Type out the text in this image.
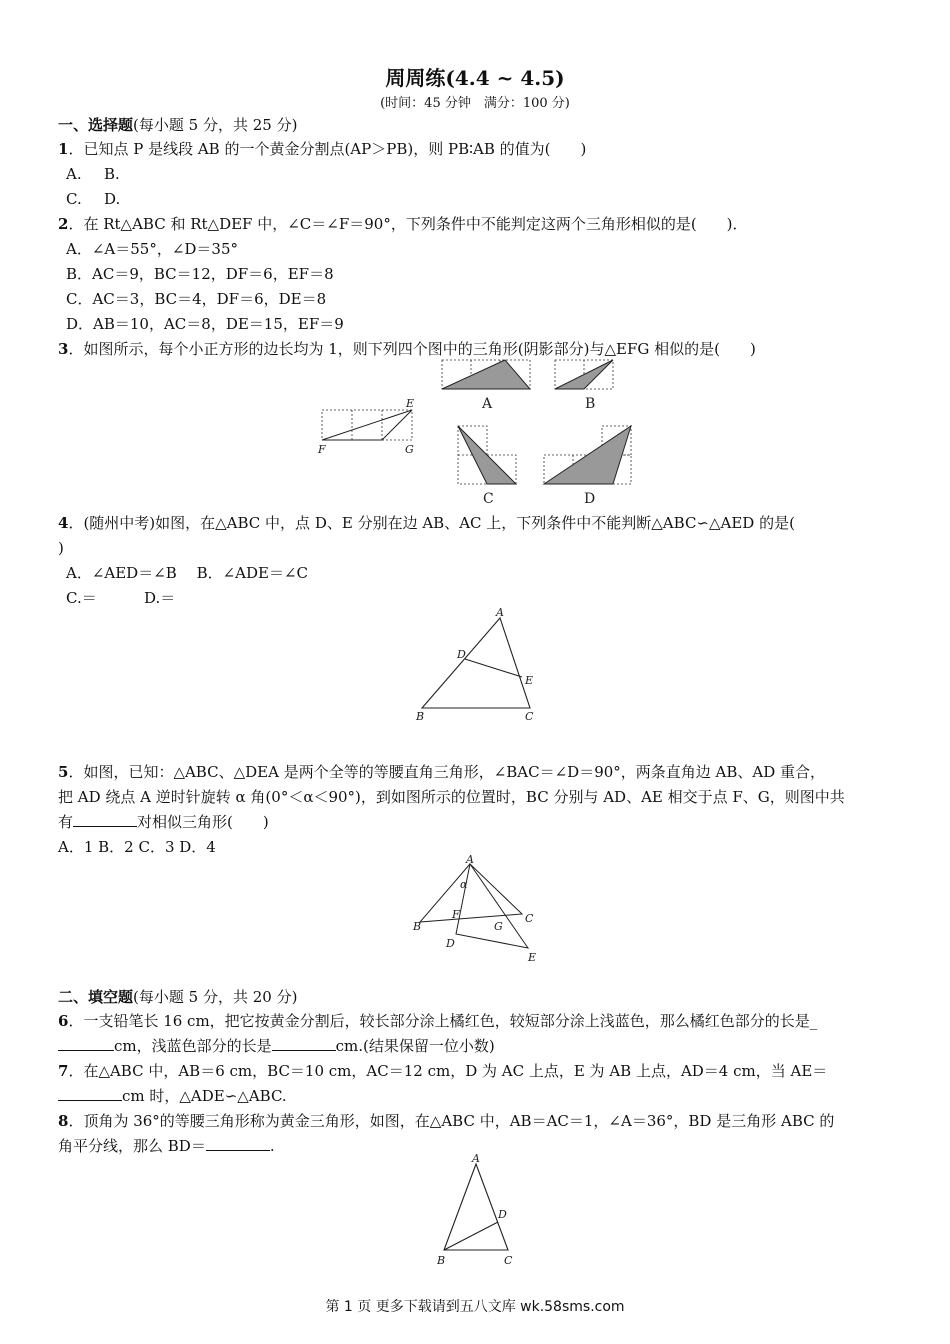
周周练(4.4 ~ 4.5)
(时间：45 分钟　满分：100 分)
一、选择题(每小题 5 分，共 25 分)
1．已知点 P 是线段 AB 的一个黄金分割点(AP＞PB)，则 PB∶AB 的值为(　　)
A. B.
C. D.
2．在 Rt△ABC 和 Rt△DEF 中，∠C＝∠F＝90°，下列条件中不能判定这两个三角形相似的是(　　)．
A．∠A＝55°，∠D＝35°
B．AC＝9，BC＝12，DF＝6，EF＝8
C．AC＝3，BC＝4，DF＝6，DE＝8
D．AB＝10，AC＝8，DE＝15，EF＝9
3．如图所示，每个小正方形的边长均为 1，则下列四个图中的三角形(阴影部分)与△EFG 相似的是(　　)
E
F	G
A	B
C	D
4．(随州中考)如图，在△ABC 中，点 D、E 分别在边 AB、AC 上，下列条件中不能判断△ABC∽△AED 的是(
)
A．∠AED＝∠B　 B．∠ADE＝∠C
C.＝	D.＝
A
D
E
B	C
5．如图，已知：△ABC、△DEA 是两个全等的等腰直角三角形，∠BAC＝∠D＝90°，两条直角边 AB、AD 重合，
把 AD 绕点 A 逆时针旋转 α 角(0°＜α＜90°)，到如图所示的位置时，BC 分别与 AD、AE 相交于点 F、G，则图中共
有	对相似三角形(　　)
A．1 B．2 C．3 D．4
A
α
B
F
G
C
D
E
二、填空题(每小题 5 分，共 20 分)
6．一支铅笔长 16 cm，把它按黄金分割后，较长部分涂上橘红色，较短部分涂上浅蓝色，那么橘红色部分的长是_
cm，浅蓝色部分的长是	cm.(结果保留一位小数)
7．在△ABC 中，AB＝6 cm，BC＝10 cm，AC＝12 cm，D 为 AC 上点，E 为 AB 上点，AD＝4 cm，当 AE＝
cm 时，△ADE∽△ABC.
8．顶角为 36°的等腰三角形称为黄金三角形，如图，在△ABC 中，AB＝AC＝1，∠A＝36°，BD 是三角形 ABC 的
角平分线，那么 BD＝	.
A
D
B	C
第 1 页 更多下载请到五八文库 wk.58sms.com
